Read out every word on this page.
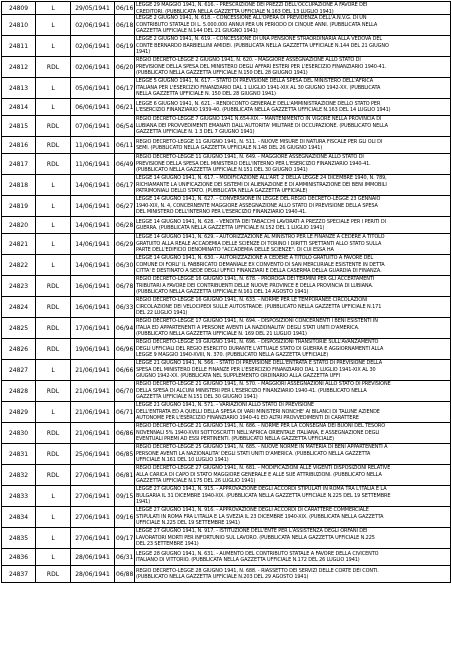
24809	L	29/05/1941	06/16	LEGGE 29 MAGGIO 1941, N. 616. - PRESCRIZIONE DEI PREZZI DELL'OCCUPAZIONE A FAVORE DEI
CREDITORI. (PUBBLICATA NELLA GAZZETTA UFFICIALE N.163 DEL 13 LUGLIO 1941)

24810	L	02/06/1941	06/18	LEGGE 2 GIUGNO 1941, N. 618. - CONCESSIONE ALL'OPERA DI PREVIDENZA DELL'A.N.V.G. DI UN
CONTRIBUTO STATALE DI L. 5.000.000 ANNUI PER UN PERIODO DI CINQUE ANNI. (PUBBLICATA NELLA
GAZZETTA UFFICIALE N.144 DEL 21 GIUGNO 1941)

24811	L	02/06/1941	06/19	LEGGE 2 GIUGNO 1941, N. 619. - CONCESSIONE DI UNA PENSIONE STRAORDINARIA ALLA VEDOVA DEL
CONTE BERNARDO BARBIELLINI AMIDEI. (PUBBLICATA NELLA GAZZETTA UFFICIALE N.144 DEL 21 GIUGNO
1941)

24812	RDL	02/06/1941	06/20	REGIO DECRETO-LEGGE 2 GIUGNO 1941, N. 620. - MAGGIORE ASSEGNAZIONE ALLO STATO DI
PREVISIONE DELLA SPESA DEL MINISTERO DEGLI AFFARI ESTERI PER L'ESERCIZIO FINANZIARIO 1940-41.
(PUBBLICATO NELLA GAZZETTA UFFICIALE N.150 DEL 28 GIUGNO 1941)

24813	L	05/06/1941	06/17	LEGGE 5 GIUGNO 1941, N. 617. - STATO DI PREVISIONE DELLA SPESA DEL MINISTERO DELL'AFRICA
ITALIANA PER L'ESERCIZIO FINANZIARIO DAL 1 LUGLIO 1941-XIX AL 30 GIUGNO 1942-XX. (PUBBLICATA
NELLA GAZZETTA UFFICIALE N. 150 DEL 28 GIUGNO 1941)

24814	L	06/06/1941	06/21	LEGGE 6 GIUGNO 1941, N. 621. - RENDICONTO GENERALE DELL'AMMINISTRAZIONE DELLO STATO PER
L'ESERCIZIO FINANZIARIO 1939-40. (PUBBLICATA NELLA GAZZETTA UFFICIALE N.163 DEL 14 LUGLIO 1941)

24815	RDL	07/06/1941	06/54	REGIO DECRETO-LEGGE 7 GIUGNO 1941 N.654-XIX. - MANTENIMENTO IN VIGORE NELLA PROVINCIA DI
LUBIANA DEI PROVVEDIMENTI EMANATI DALL'AUTORITA' MILITARE DI OCCUPAZIONE. (PUBBLICATO NELLA
GAZZETTA UFFICIALE N. 1 3 DEL 7 GIUGNO 1941)

24816	RDL	11/06/1941	06/11	REGIO DECRETO-LEGGE 11 GIUGNO 1941, N. 511. - NUOVE MISURE DI NATURA FISCALE PER GLI OLI DI
SEMI. (PUBBLICATO NELLA GAZZETTA UFFICIALE N.148 DEL 26 GIUGNO 1941)

24817	RDL	11/06/1941	06/49	REGIO DECRETO-LEGGE 11 GIUGNO 1941, N. 649. - MAGGIORE ASSEGNAZIONE ALLO STATO DI
PREVISIONE DELLA SPESA DEL MINISTERO DELL'INTERNO PER L'ESERCIZIO FINANZIARIO 1940-41.
(PUBBLICATO NELLA GAZZETTA UFFICIALE N.151 DEL 30 GIUGNO 1941)

24818	L	14/06/1941	06/17	LEGGE 14 GIUGNO 1941, N. 617. - MODIFICAZIONE ALL'ART. 2 DELLA LEGGE 24 DICEMBRE 1940, N. 789,
RICHIAMANTE LA UNIFICAZIONE DEI SISTEMI DI ALIENAZIONE E DI AMMINISTRAZIONE DEI BENI IMMOBILI
PATRIMONIALI DELLO STATO. (PUBBLICATA NELLA GAZZETTA UFFICIALE)

24819	L	14/06/1941	06/27	LEGGE 14 GIUGNO 1941, N. 627. - CONVERSIONE IN LEGGE DEL REGIO DECRETO-LEGGE 23 GENNAIO
1940-XIX, N. 4, CONCERNENTE MAGGIORE ASSEGNAZIONE ALLO STATO DI PREVISIONE DELLA SPESA
DEL MINISTERO DELL'INTERNO PER L'ESERCIZIO FINANZIARIO 1940-41.

24820	L	14/06/1941	06/28	LEGGE 14 GIUGNO 1941, N. 628. - VENDITA DEI TABACCHI LAVORATI A PREZZO SPECIALE PER I PERITI DI
GUERRA. (PUBBLICATA NELLA GAZZETTA UFFICIALE N.152 DEL 1 LUGLIO 1941)

24821	L	14/06/1941	06/29	LEGGE 14 GIUGNO 1941, N. 629. - AUTORIZZAZIONE AL MINISTRO PER LE FINANZE A CEDERE A TITOLO
GRATUITO ALLA REALE ACCADEMIA DELLE SCIENZE DI TORINO I DIRITTI SPETTANTI ALLO STATO SULLA
PARTE DELL'EDIFICIO DENOMINATO "ACCADEMIA DELLE SCIENZE". DI CUI ESSA HA

24822	L	14/06/1941	06/30	LEGGE 14 GIUGNO 1941, N. 630. - AUTORIZZAZIONE A CEDERE A TITOLO GRATUITO A FAVORE DEL
COMUNE DI FORLI' IL FABBRICATO DEMANIALE EX CONVENTO DI SAN MERCURIALE ESISTENTE IN DETTA
CITTA' E DESTINATO A SEDE DEGLI UFFICI FINANZIARI E DELLA CASERMA DELLA GUARDIA DI FINANZA.

24823	RDL	16/06/1941	06/78	REGIO DECRETO-LEGGE 16 GIUGNO 1941, N. 678. - PROROGA DEI TERMINI PER GLI ACCERTAMENTI
TRIBUTARI A FAVORE DEI CONTRIBUENTI DELLE NUOVE PROVINCE E DELLA PROVINCIA DI LUBIANA.
(PUBBLICATO NELLA GAZZETTA UFFICIALE N.161 DEL 14 AGOSTO 1941)

24824	RDL	16/06/1941	06/33	REGIO DECRETO-LEGGE 16 GIUGNO 1941, N. 633. - NORME PER LE TEMPORANEE CIRCOLAZIONI
CIRCOLAZIONE DEI VELOCIPEDI SULLE AUTOSTRADE. (PUBBLICATO NELLA GAZZETTA UFFICIALE N.171
DEL 22 LUGLIO 1941)

24825	RDL	17/06/1941	06/94	REGIO DECRETO-LEGGE 17 GIUGNO 1941, N. 694. - DISPOSIZIONI CONCERNENTI I BENI ESISTENTI IN
ITALIA ED APPARTENENTI A PERSONE AVENTI LA NAZIONALITA' DEGLI STATI UNITI D'AMERICA.
(PUBBLICATO NELLA GAZZETTA UFFICIALE N. 169 DEL 21 LUGLIO 1941)

24826	RDL	19/06/1941	06/96	REGIO DECRETO-LEGGE 19 GIUGNO 1941, N. 696. - DISPOSIZIONI TRANSITORIE SULL'AVANZAMENTO
DEGLI UFFICIALI DEL REGIO ESERCITO DURANTE L'ATTUALE STATO DI GUERRA E AGGIORNAMENTI ALLA
LEGGE 9 MAGGIO 1940-XVIII, N. 370. (PUBBLICATO NELLA GAZZETTA UFFICIALE)

24827	L	21/06/1941	06/66	LEGGE 21 GIUGNO 1941, N. 566. - STATO DI PREVISIONE DELL'ENTRATA E STATO DI PREVISIONE DELLA
SPESA DEL MINISTERO DELLE FINANZE PER L'ESERCIZIO FINANZIARIO DAL 1 LUGLIO 1941-XIX AL 30
GIUGNO 1942-XX. (PUBBLICATA NEL SUPPLEMENTO ORDINARIO ALLA GAZZETTA UFFI

24828	RDL	21/06/1941	06/70	REGIO DECRETO-LEGGE 21 GIUGNO 1941, N. 570. - MAGGIORI ASSEGNAZIONI ALLO STATO DI PREVISIONE
DELLA SPESA DI ALCUNI MINISTERI PER L'ESERCIZIO FINANZIARIO 1940-41. (PUBBLICATO NELLA
GAZZETTA UFFICIALE N.151 DEL 30 GIUGNO 1941)

24829	L	21/06/1941	06/71	LEGGE 21 GIUGNO 1941, N. 571. - VARIAZIONI ALLO STATO DI PREVISIONE
DELL'ENTRATA ED A QUELLI DELLA SPESA DI VARI MINISTERI NONCHE' AI BILANCI DI TALUNE AZIENDE
AUTONOME PER L'ESERCIZIO FINANZIARIO 1940-41 ED ALTRI PROVVEDIMENTI DI CARATTERE

24830	RDL	21/06/1941	06/86	REGIO DECRETO-LEGGE 21 GIUGNO 1941, N. 686. - NORME PER LA CONSEGNA DEI BUONI DEL TESORO
NOVENNALI 5% 1940-XVIII SOTTOSCRITTI NELL'AFRICA ORIENTALE ITALIANA, E ASSEGNAZIONE DEGLI
EVENTUALI PREMI AD ESSI PERTINENTI. (PUBBLICATO NELLA GAZZETTA UFFICIALE)

24831	RDL	25/06/1941	06/85	REGIO DECRETO-LEGGE 25 GIUGNO 1941, N. 685. - NUOVE NORME IN MATERIA DI BENI APPARTENENTI A
PERSONE AVENTI LA NAZIONALITA' DEGLI STATI UNITI D'AMERICA. (PUBBLICATO NELLA GAZZETTA
UFFICIALE N.161 DEL 10 LUGLIO 1941)

24832	RDL	27/06/1941	06/81	REGIO DECRETO-LEGGE 27 GIUGNO 1941, N. 681. - MODIFICAZIONI ALLE VIGENTI DISPOSIZIONI RELATIVE
ALLA CARICA DI CAPO DI STATO MAGGIORE GENERALE E ALLE SUE ATTRIBUZIONI. (PUBBLICATO NELLA
GAZZETTA UFFICIALE N.175 DEL 26 LUGLIO 1941)

24833	L	27/06/1941	09/15	LEGGE 27 GIUGNO 1941, N. 915. - APPROVAZIONE DEGLI ACCORDI STIPULATI IN ROMA TRA L'ITALIA E LA
BULGARIA IL 31 DICEMBRE 1940-XIX. (PUBBLICATA NELLA GAZZETTA UFFICIALE N.225 DEL 19 SETTEMBRE
1941)

24834	L	27/06/1941	09/16	LEGGE 27 GIUGNO 1941, N. 916. - APPROVAZIONE DEGLI ACCORDI DI CARATTERE COMMERCIALE
STIPULATI IN ROMA FRA L'ITALIA E LA SVEZIA IL 23 DICEMBRE 1940-XIX. (PUBBLICATA NELLA GAZZETTA
UFFICIALE N.225 DEL 19 SETTEMBRE 1941)

24835	L	27/06/1941	09/17	LEGGE 27 GIUGNO 1941, N. 917. - ISTITUZIONE DELL'ENTE PER L'ASSISTENZA DEGLI ORFANI DEI
LAVORATORI MORTI PER INFORTUNIO SUL LAVORO. (PUBBLICATA NELLA GAZZETTA UFFICIALE N.225
DEL 23 SETTEMBRE 1941)

24836	L	28/06/1941	06/31	LEGGE 28 GIUGNO 1941, N. 631. - AUMENTO DEL CONTRIBUTO STATALE A FAVORE DELLA CIVICENTO
ITALIANO DI VITTORIO. (PUBBLICATA NELLA GAZZETTA UFFICIALE N.172 DEL 26 LUGLIO 1941)

24837	RDL	28/06/1941	06/88	REGIO DECRETO-LEGGE 28 GIUGNO 1941, N. 688. - RIASSETTO DEI SERVIZI DELLE CORTE DEI CONTI.
(PUBBLICATO NELLA GAZZETTA UFFICIALE N.203 DEL 29 AGOSTO 1941)
